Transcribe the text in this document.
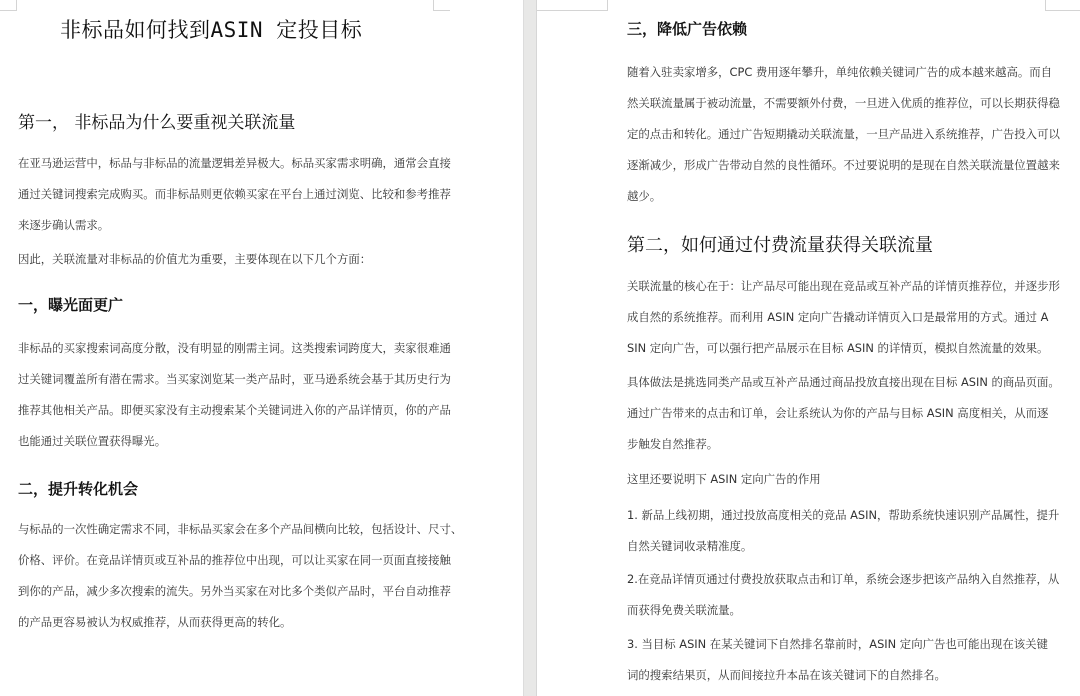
非标品如何找到ASIN 定投目标
第一， 非标品为什么要重视关联流量
在亚马逊运营中，标品与非标品的流量逻辑差异极大。标品买家需求明确，通常会直接
通过关键词搜索完成购买。而非标品则更依赖买家在平台上通过浏览、比较和参考推荐
来逐步确认需求。
因此，关联流量对非标品的价值尤为重要，主要体现在以下几个方面：
一，曝光面更广
非标品的买家搜索词高度分散，没有明显的刚需主词。这类搜索词跨度大，卖家很难通
过关键词覆盖所有潜在需求。当买家浏览某一类产品时，亚马逊系统会基于其历史行为
推荐其他相关产品。即便买家没有主动搜索某个关键词进入你的产品详情页，你的产品
也能通过关联位置获得曝光。
二，提升转化机会
与标品的一次性确定需求不同，非标品买家会在多个产品间横向比较，包括设计、尺寸、
价格、评价。在竞品详情页或互补品的推荐位中出现，可以让买家在同一页面直接接触
到你的产品，减少多次搜索的流失。另外当买家在对比多个类似产品时，平台自动推荐
的产品更容易被认为权威推荐，从而获得更高的转化。
三，降低广告依赖
随着入驻卖家增多，CPC 费用逐年攀升，单纯依赖关键词广告的成本越来越高。而自
然关联流量属于被动流量，不需要额外付费，一旦进入优质的推荐位，可以长期获得稳
定的点击和转化。通过广告短期撬动关联流量，一旦产品进入系统推荐，广告投入可以
逐渐减少，形成广告带动自然的良性循环。不过要说明的是现在自然关联流量位置越来
越少。
第二，如何通过付费流量获得关联流量
关联流量的核心在于：让产品尽可能出现在竞品或互补产品的详情页推荐位，并逐步形
成自然的系统推荐。而利用 ASIN 定向广告撬动详情页入口是最常用的方式。通过 A
SIN 定向广告，可以强行把产品展示在目标 ASIN 的详情页，模拟自然流量的效果。
具体做法是挑选同类产品或互补产品通过商品投放直接出现在目标 ASIN 的商品页面。
通过广告带来的点击和订单，会让系统认为你的产品与目标 ASIN 高度相关，从而逐
步触发自然推荐。
这里还要说明下 ASIN 定向广告的作用
1. 新品上线初期，通过投放高度相关的竞品 ASIN，帮助系统快速识别产品属性，提升
自然关键词收录精准度。
2.在竞品详情页通过付费投放获取点击和订单，系统会逐步把该产品纳入自然推荐，从
而获得免费关联流量。
3. 当目标 ASIN 在某关键词下自然排名靠前时，ASIN 定向广告也可能出现在该关键
词的搜索结果页，从而间接拉升本品在该关键词下的自然排名。
